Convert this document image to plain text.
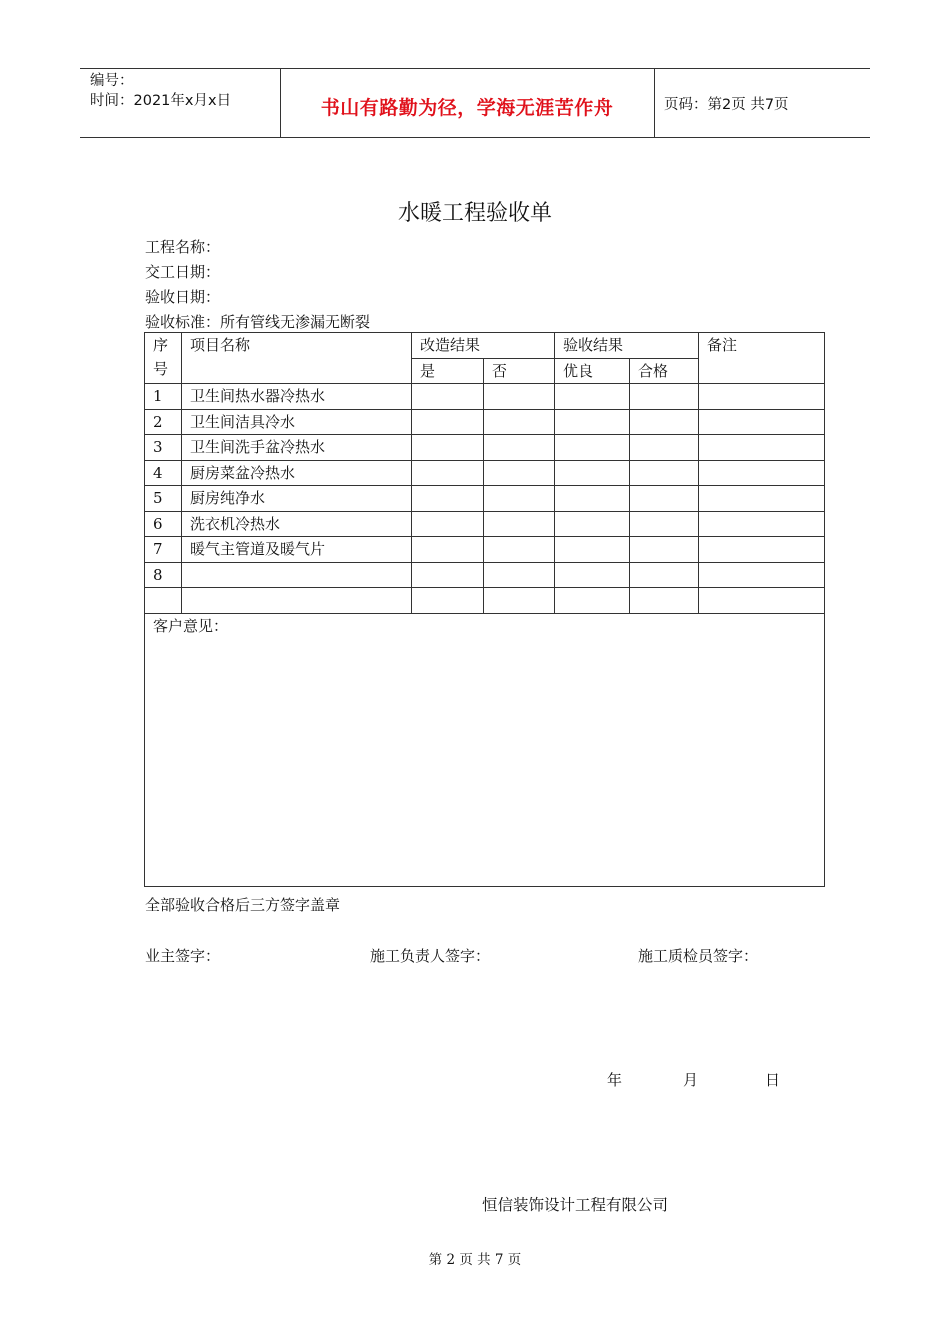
编号：
时间：2021年x月x日	书山有路勤为径，学海无涯苦作舟	页码：第2页 共7页
水暖工程验收单
工程名称：
交工日期：
验收日期：
验收标准：所有管线无渗漏无断裂
序
号	项目名称	改造结果		验收结果		备注
		是	否	优良	合格	
1	卫生间热水器冷热水					
2	卫生间洁具冷水					
3	卫生间洗手盆冷热水					
4	厨房菜盆冷热水					
5	厨房纯净水					
6	洗衣机冷热水					
7	暖气主管道及暖气片					
8						

客户意见：						
全部验收合格后三方签字盖章
业主签字：	施工负责人签字：	施工质检员签字：
年	月	日
恒信装饰设计工程有限公司
第 2 页 共 7 页
